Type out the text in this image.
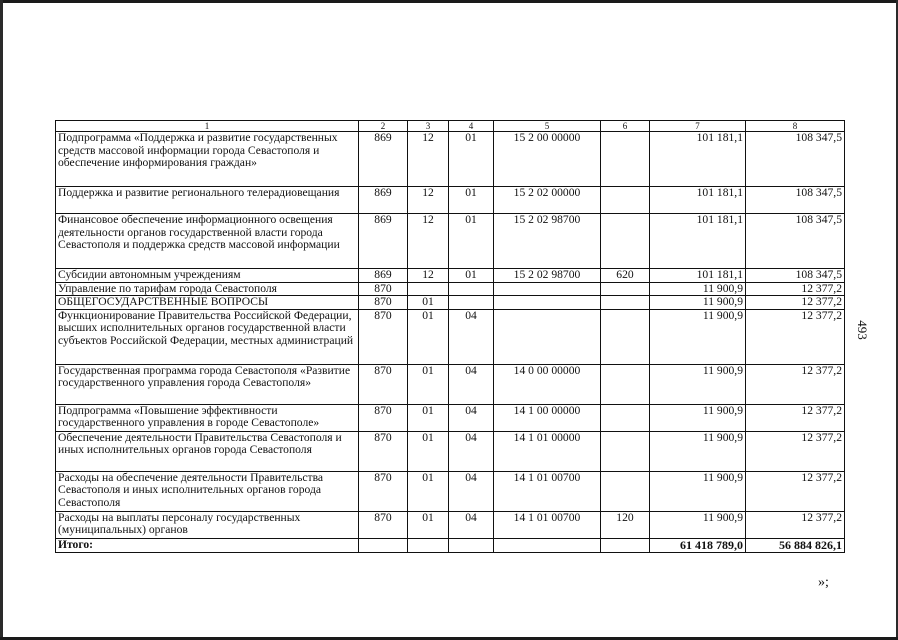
1	2	3	4	5	6	7	8
Подпрограмма «Поддержка и развитие государственных средств массовой информации города Севастополя и обеспечение информирования граждан»	869	12	01	15 2 00 00000		101 181,1	108 347,5
Поддержка и развитие регионального телерадиовещания	869	12	01	15 2 02 00000		101 181,1	108 347,5
Финансовое обеспечение информационного освещения деятельности органов государственной власти города Севастополя и поддержка средств массовой информации	869	12	01	15 2 02 98700		101 181,1	108 347,5
Субсидии автономным учреждениям	869	12	01	15 2 02 98700	620	101 181,1	108 347,5
Управление по тарифам города Севастополя	870					11 900,9	12 377,2
ОБЩЕГОСУДАРСТВЕННЫЕ ВОПРОСЫ	870	01				11 900,9	12 377,2
Функционирование Правительства Российской Федерации, высших исполнительных органов государственной власти субъектов Российской Федерации, местных администраций	870	01	04			11 900,9	12 377,2
Государственная программа города Севастополя «Развитие государственного управления города Севастополя»	870	01	04	14 0 00 00000		11 900,9	12 377,2
Подпрограмма «Повышение эффективности государственного управления в городе Севастополе»	870	01	04	14 1 00 00000		11 900,9	12 377,2
Обеспечение деятельности Правительства Севастополя и иных исполнительных органов города Севастополя	870	01	04	14 1 01 00000		11 900,9	12 377,2
Расходы на обеспечение деятельности Правительства Севастополя и иных исполнительных органов города Севастополя	870	01	04	14 1 01 00700		11 900,9	12 377,2
Расходы на выплаты персоналу государственных (муниципальных) органов	870	01	04	14 1 01 00700	120	11 900,9	12 377,2
Итого:						61 418 789,0	56 884 826,1
493
»;
